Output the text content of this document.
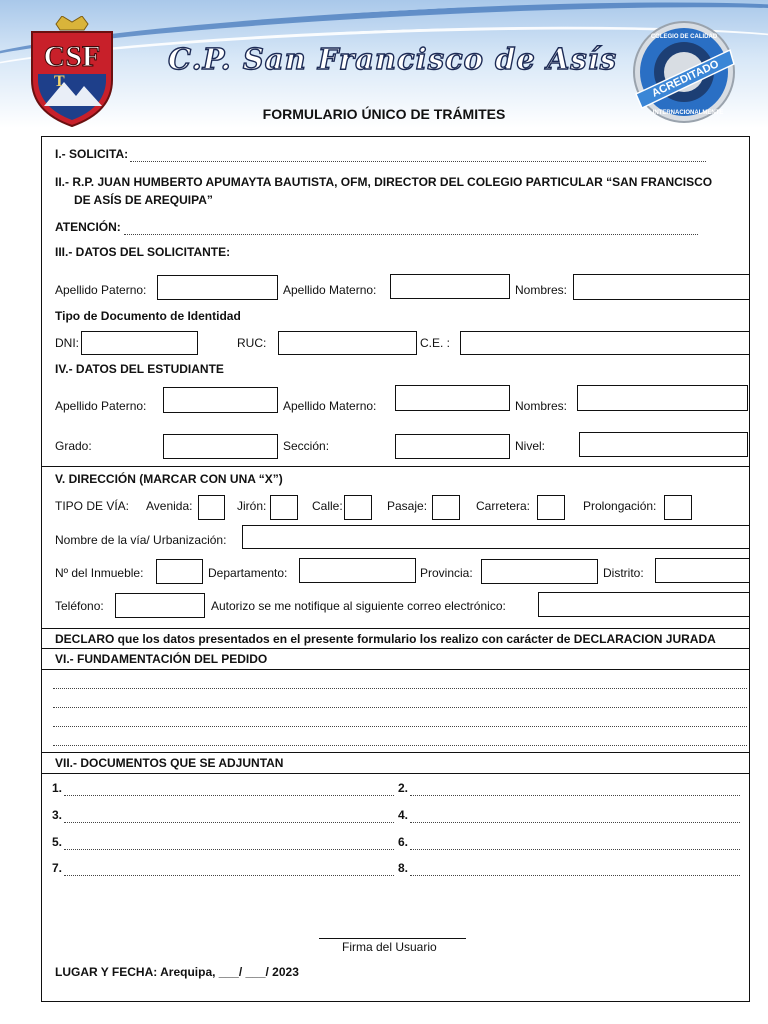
CSF
T
C.P. San Francisco de Asís	ACREDITADO
COLEGIO DE CALIDAD
INTERNACIONALMENTE
FORMULARIO ÚNICO DE TRÁMITES
I.- SOLICITA:
II.- R.P. JUAN HUMBERTO APUMAYTA BAUTISTA, OFM, DIRECTOR DEL COLEGIO PARTICULAR “SAN FRANCISCO
DE ASÍS DE AREQUIPA”
ATENCIÓN:
III.- DATOS DEL SOLICITANTE:
Apellido Paterno:	Apellido Materno:	Nombres:
Tipo de Documento de Identidad
DNI:	RUC:	C.E. :
IV.- DATOS DEL ESTUDIANTE
Apellido Paterno:	Apellido Materno:	Nombres:
Grado:	Sección:	Nivel:
V. DIRECCIÓN (MARCAR CON UNA “X”)
TIPO DE VÍA: Avenida:	Jirón:	Calle:	Pasaje:	Carretera:	Prolongación:
Nombre de la vía/ Urbanización:
Nº del Inmueble:	Departamento:	Provincia:	Distrito:
Teléfono:	Autorizo se me notifique al siguiente correo electrónico:
DECLARO que los datos presentados en el presente formulario los realizo con carácter de DECLARACION JURADA
VI.- FUNDAMENTACIÓN DEL PEDIDO
VII.- DOCUMENTOS QUE SE ADJUNTAN
1.	2.
3.	4.
5.	6.
7.	8.
Firma del Usuario
LUGAR Y FECHA: Arequipa, ___/ ___/ 2023
